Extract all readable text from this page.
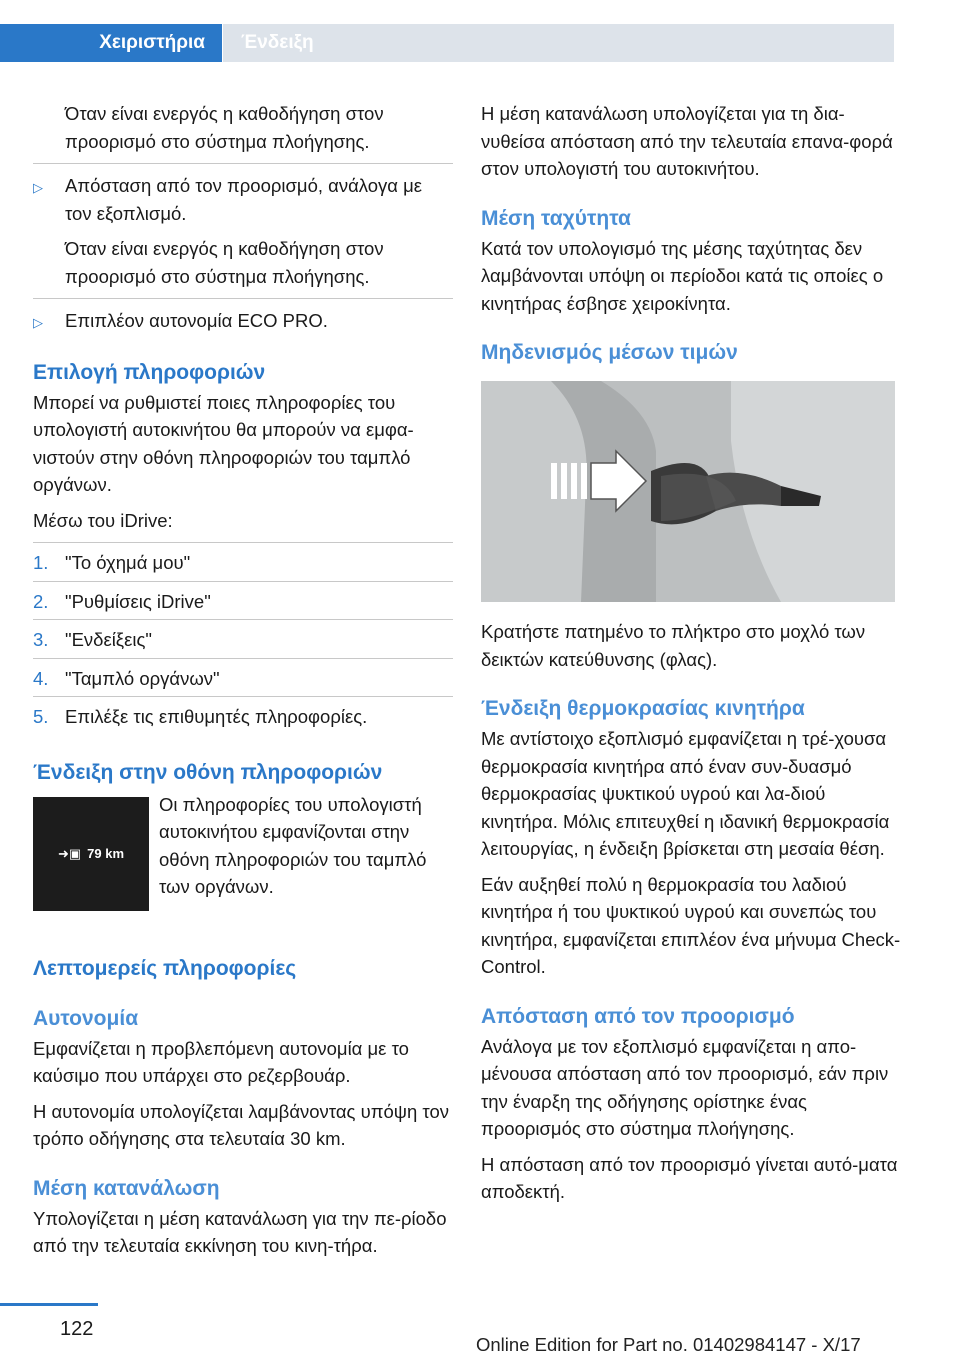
Χειριστήρια Ένδειξη

Όταν είναι ενεργός η καθοδήγηση στον προορισμό στο σύστημα πλοήγησης.

▷ Απόσταση από τον προορισμό, ανάλογα με τον εξοπλισμό.

Όταν είναι ενεργός η καθοδήγηση στον προορισμό στο σύστημα πλοήγησης.

▷ Επιπλέον αυτονομία ECO PRO.

Επιλογή πληροφοριών

Μπορεί να ρυθμιστεί ποιες πληροφορίες του υπολογιστή αυτοκινήτου θα μπορούν να εμφα‐νιστούν στην οθόνη πληροφοριών του ταμπλό οργάνων.

Μέσω του iDrive:

1. "Το όχημά μου"
2. "Ρυθμίσεις iDrive"
3. "Ενδείξεις"
4. "Ταμπλό οργάνων"
5. Επιλέξε τις επιθυμητές πληροφορίες.
Ένδειξη στην οθόνη πληροφοριών
➜▣ 79 km
Οι πληροφορίες του υπολογιστή αυτοκινήτου εμφανίζονται στην οθόνη πληροφοριών του ταμπλό των οργάνων.
Λεπτομερείς πληροφορίες
Αυτονομία

Εμφανίζεται η προβλεπόμενη αυτονομία με το καύσιμο που υπάρχει στο ρεζερβουάρ.

Η αυτονομία υπολογίζεται λαμβάνοντας υπόψη τον τρόπο οδήγησης στα τελευταία 30 km.

Μέση κατανάλωση

Υπολογίζεται η μέση κατανάλωση για την πε‐ρίοδο από την τελευταία εκκίνηση του κινη‐τήρα.

Η μέση κατανάλωση υπολογίζεται για τη δια‐νυθείσα απόσταση από την τελευταία επανα‐φορά στον υπολογιστή του αυτοκινήτου.

Μέση ταχύτητα

Κατά τον υπολογισμό της μέσης ταχύτητας δεν λαμβάνονται υπόψη οι περίοδοι κατά τις οποίες ο κινητήρας έσβησε χειροκίνητα.

Μηδενισμός μέσων τιμών

Κρατήστε πατημένο το πλήκτρο στο μοχλό των δεικτών κατεύθυνσης (φλας).

Ένδειξη θερμοκρασίας κινητήρα

Με αντίστοιχο εξοπλισμό εμφανίζεται η τρέ‐χουσα θερμοκρασία κινητήρα από έναν συν‐δυασμό θερμοκρασίας ψυκτικού υγρού και λα‐διού κινητήρα. Μόλις επιτευχθεί η ιδανική θερμοκρασία λειτουργίας, η ένδειξη βρίσκεται στη μεσαία θέση.

Εάν αυξηθεί πολύ η θερμοκρασία του λαδιού κινητήρα ή του ψυκτικού υγρού και συνεπώς του κινητήρα, εμφανίζεται επιπλέον ένα μήνυμα Check-Control.

Απόσταση από τον προορισμό

Ανάλογα με τον εξοπλισμό εμφανίζεται η απο‐μένουσα απόσταση από τον προορισμό, εάν πριν την έναρξη της οδήγησης ορίστηκε ένας προορισμός στο σύστημα πλοήγησης.

Η απόσταση από τον προορισμό γίνεται αυτό‐ματα αποδεκτή.

122
Online Edition for Part no. 01402984147 - X/17
